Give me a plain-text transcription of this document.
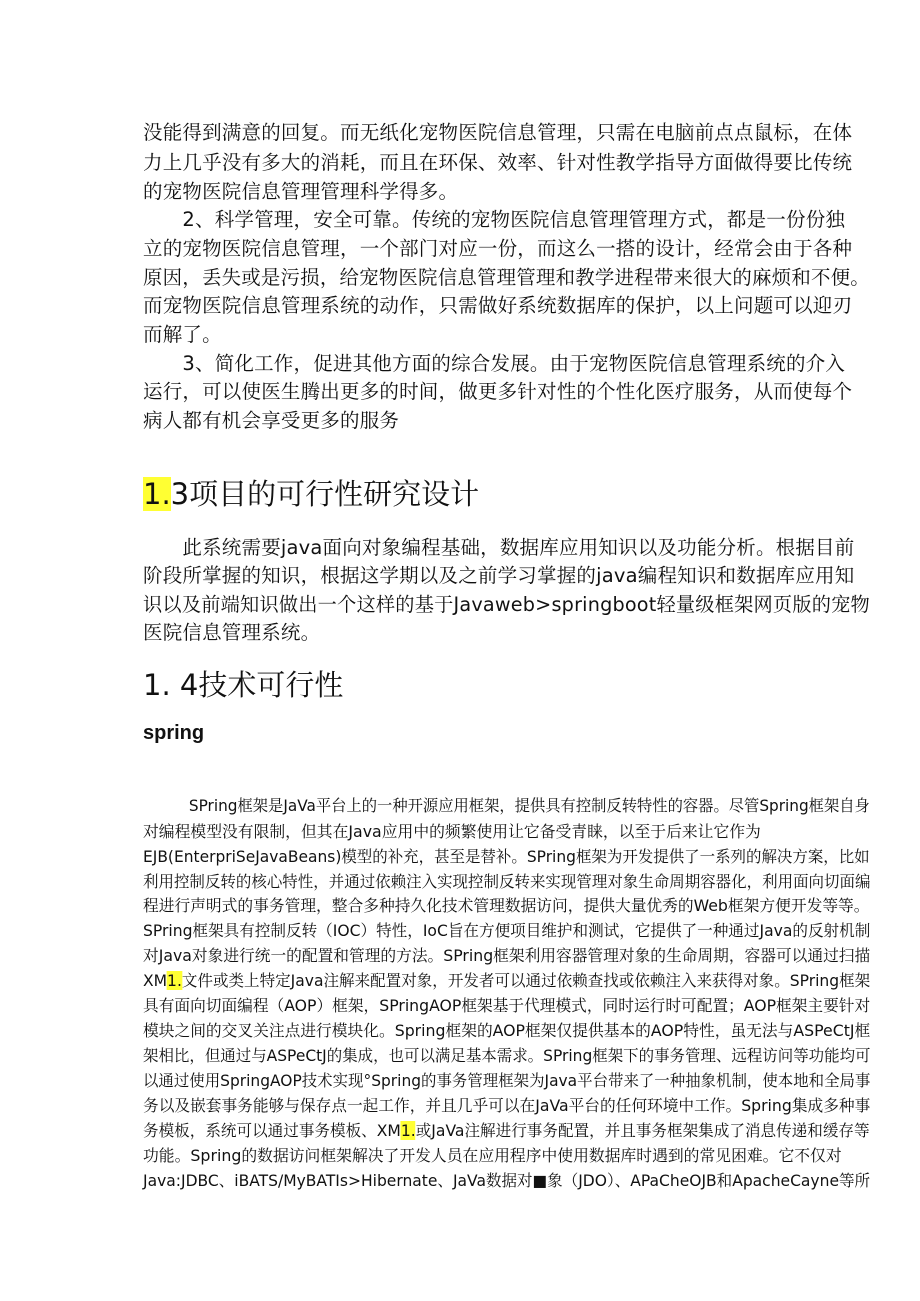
没能得到满意的回复。而无纸化宠物医院信息管理，只需在电脑前点点鼠标，在体
力上几乎没有多大的消耗，而且在环保、效率、针对性教学指导方面做得要比传统
的宠物医院信息管理管理科学得多。
　　2、科学管理，安全可靠。传统的宠物医院信息管理管理方式，都是一份份独
立的宠物医院信息管理，一个部门对应一份，而这么一搭的设计，经常会由于各种
原因，丢失或是污损，给宠物医院信息管理管理和教学进程带来很大的麻烦和不便。
而宠物医院信息管理系统的动作，只需做好系统数据库的保护，以上问题可以迎刃
而解了。
　　3、简化工作，促进其他方面的综合发展。由于宠物医院信息管理系统的介入
运行，可以使医生腾出更多的时间，做更多针对性的个性化医疗服务，从而使每个
病人都有机会享受更多的服务
1.3项目的可行性研究设计
　　此系统需要java面向对象编程基础，数据库应用知识以及功能分析。根据目前
阶段所掌握的知识，根据这学期以及之前学习掌握的java编程知识和数据库应用知
识以及前端知识做出一个这样的基于Javaweb>springboot轻量级框架网页版的宠物
医院信息管理系统。
1. 4技术可行性
spring
　　　SPring框架是JaVa平台上的一种开源应用框架，提供具有控制反转特性的容器。尽管Spring框架自身
对编程模型没有限制，但其在Java应用中的频繁使用让它备受青睐，以至于后来让它作为
EJB(EnterpriSeJavaBeans)模型的补充，甚至是替补。SPring框架为开发提供了一系列的解决方案，比如
利用控制反转的核心特性，并通过依赖注入实现控制反转来实现管理对象生命周期容器化，利用面向切面编
程进行声明式的事务管理，整合多种持久化技术管理数据访问，提供大量优秀的Web框架方便开发等等。
SPring框架具有控制反转（IOC）特性，IoC旨在方便项目维护和测试，它提供了一种通过Java的反射机制
对Java对象进行统一的配置和管理的方法。SPring框架利用容器管理对象的生命周期，容器可以通过扫描
XM1.文件或类上特定Java注解来配置对象，开发者可以通过依赖查找或依赖注入来获得对象。SPring框架
具有面向切面编程（AOP）框架，SPringAOP框架基于代理模式，同时运行时可配置；AOP框架主要针对
模块之间的交叉关注点进行模块化。Spring框架的AOP框架仅提供基本的AOP特性，虽无法与ASPeCtJ框
架相比，但通过与ASPeCtJ的集成，也可以满足基本需求。SPring框架下的事务管理、远程访问等功能均可
以通过使用SpringAOP技术实现°Spring的事务管理框架为Java平台带来了一种抽象机制，使本地和全局事
务以及嵌套事务能够与保存点一起工作，并且几乎可以在JaVa平台的任何环境中工作。Spring集成多种事
务模板，系统可以通过事务模板、XM1.或JaVa注解进行事务配置，并且事务框架集成了消息传递和缓存等
功能。Spring的数据访问框架解决了开发人员在应用程序中使用数据库时遇到的常见困难。它不仅对
Java:JDBC、iBATS/MyBATIs>Hibernate、JaVa数据对■象（JDO）、APaCheOJB和ApacheCayne等所
